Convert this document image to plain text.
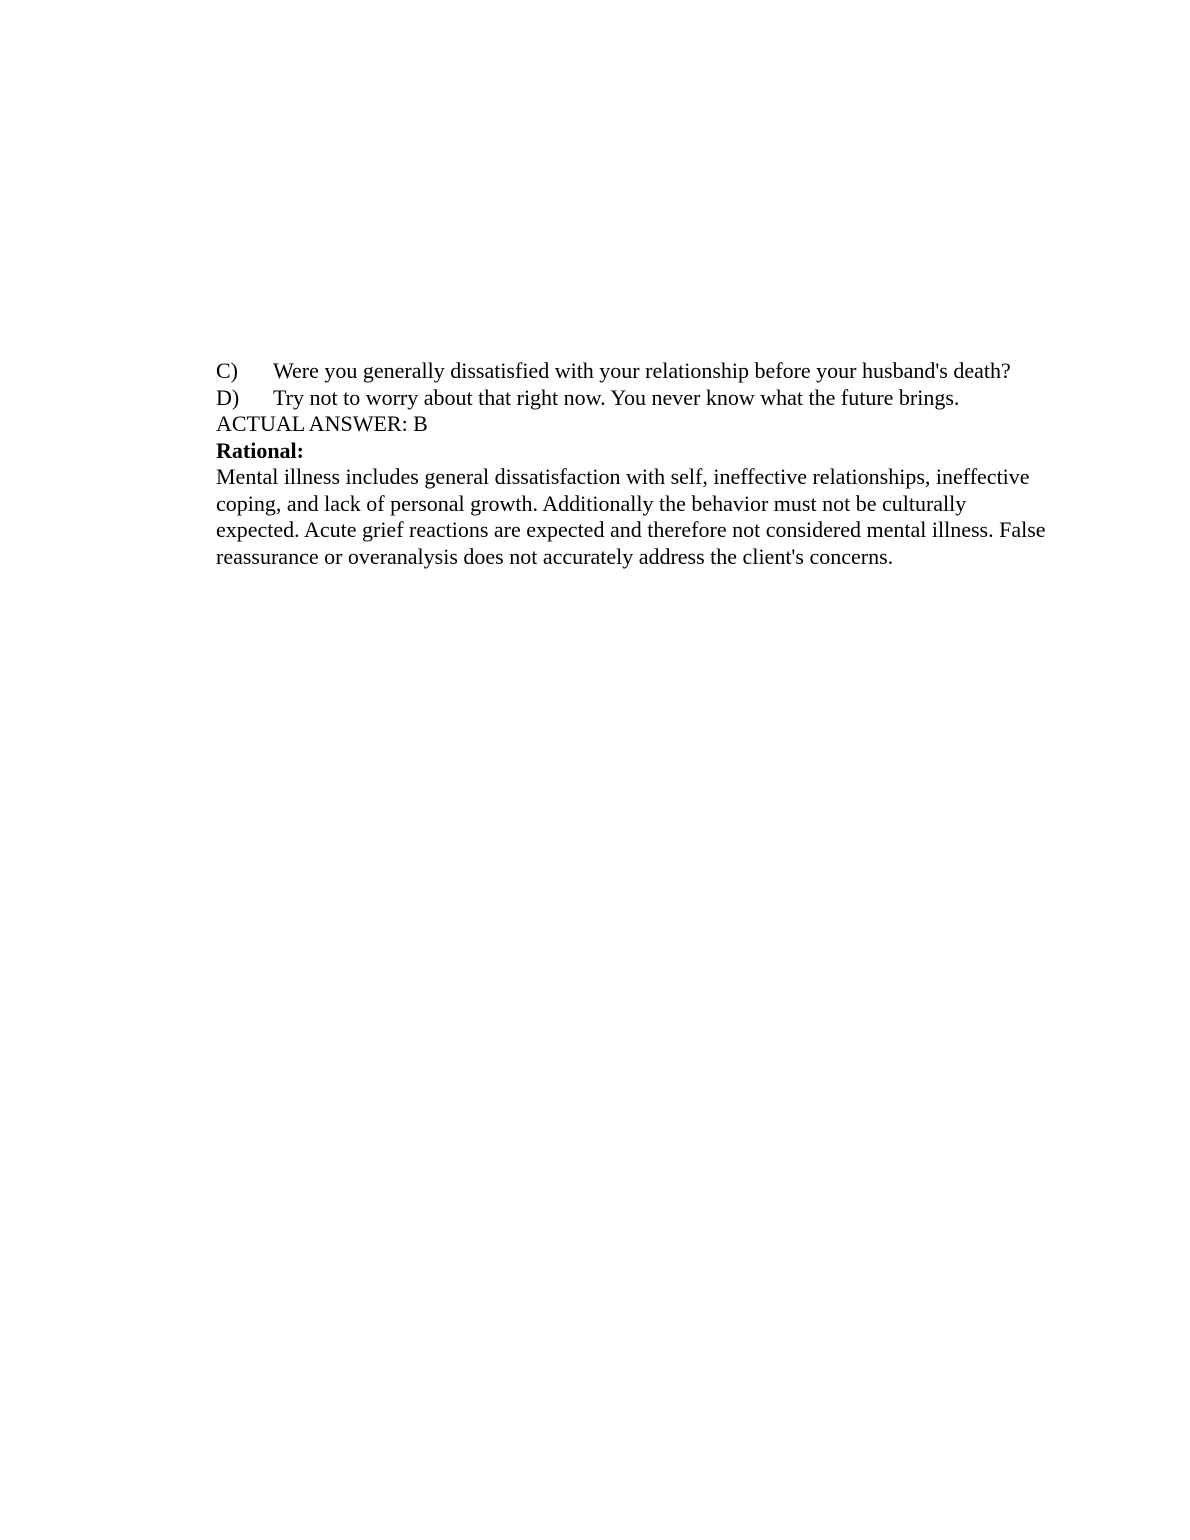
C)	Were you generally dissatisfied with your relationship before your husband's death?
D)	Try not to worry about that right now. You never know what the future brings.
ACTUAL ANSWER: B
Rational:
Mental illness includes general dissatisfaction with self, ineffective relationships, ineffective coping, and lack of personal growth. Additionally the behavior must not be culturally expected. Acute grief reactions are expected and therefore not considered mental illness. False reassurance or overanalysis does not accurately address the client's concerns.
